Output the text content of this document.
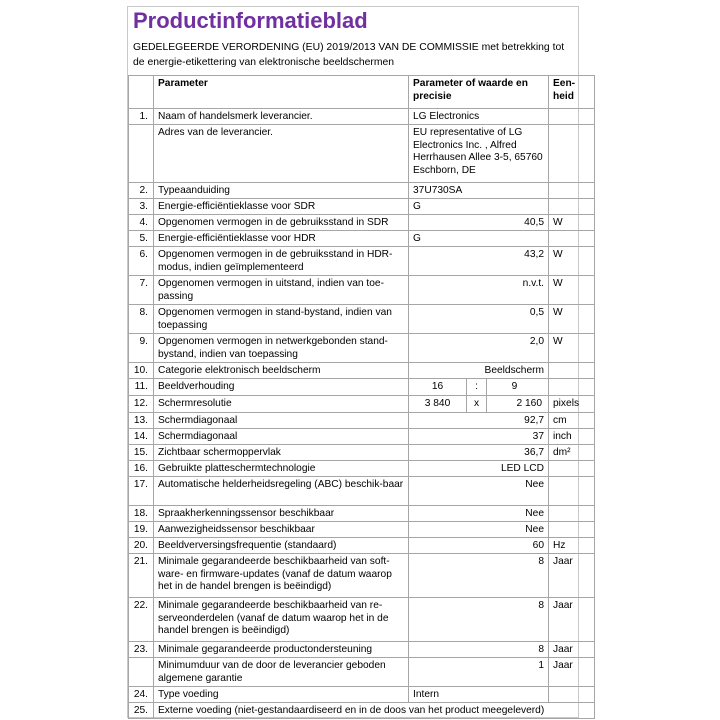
Productinformatieblad
GEDELEGEERDE VERORDENING (EU) 2019/2013 VAN DE COMMISSIE met betrekking tot de energie-etikettering van elektronische beeldschermen
	Parameter	Parameter of waarde en precisie	Een-heid
1.	Naam of handelsmerk leverancier.	LG Electronics	
	Adres van de leverancier.	EU representative of LG Electronics Inc. , Alfred Herrhausen Allee 3-5, 65760 Eschborn, DE	
2.	Typeaanduiding	37U730SA	
3.	Energie-efficiëntieklasse voor SDR	G	
4.	Opgenomen vermogen in de gebruiksstand in SDR	40,5	W
5.	Energie-efficiëntieklasse voor HDR	G	
6.	Opgenomen vermogen in de gebruiksstand in HDR-modus, indien geïmplementeerd	43,2	W
7.	Opgenomen vermogen in uitstand, indien van toe-passing	n.v.t.	W
8.	Opgenomen vermogen in stand-bystand, indien van toepassing	0,5	W
9.	Opgenomen vermogen in netwerkgebonden stand-bystand, indien van toepassing	2,0	W
10.	Categorie elektronisch beeldscherm	Beeldscherm	
11.	Beeldverhouding	16 : 9	

12.	Schermresolutie	3 840 x 2 160	pixels
13.	Schermdiagonaal	92,7	cm
14.	Schermdiagonaal	37	inch
15.	Zichtbaar schermoppervlak	36,7	dm²
16.	Gebruikte platteschermtechnologie	LED LCD	
17.	Automatische helderheidsregeling (ABC) beschik-baar	Nee	
18.	Spraakherkenningssensor beschikbaar	Nee	
19.	Aanwezigheidssensor beschikbaar	Nee	
20.	Beeldverversingsfrequentie (standaard)	60	Hz
21.	Minimale gegarandeerde beschikbaarheid van soft-ware- en firmware-updates (vanaf de datum waarop het in de handel brengen is beëindigd)	8	Jaar
22.	Minimale gegarandeerde beschikbaarheid van re-serveonderdelen (vanaf de datum waarop het in de handel brengen is beëindigd)	8	Jaar
23.	Minimale gegarandeerde productondersteuning	8	Jaar
	Minimumduur van de door de leverancier geboden algemene garantie	1	Jaar
24.	Type voeding	Intern	
25.	Externe voeding (niet-gestandaardiseerd en in de doos van het product meegeleverd)		
